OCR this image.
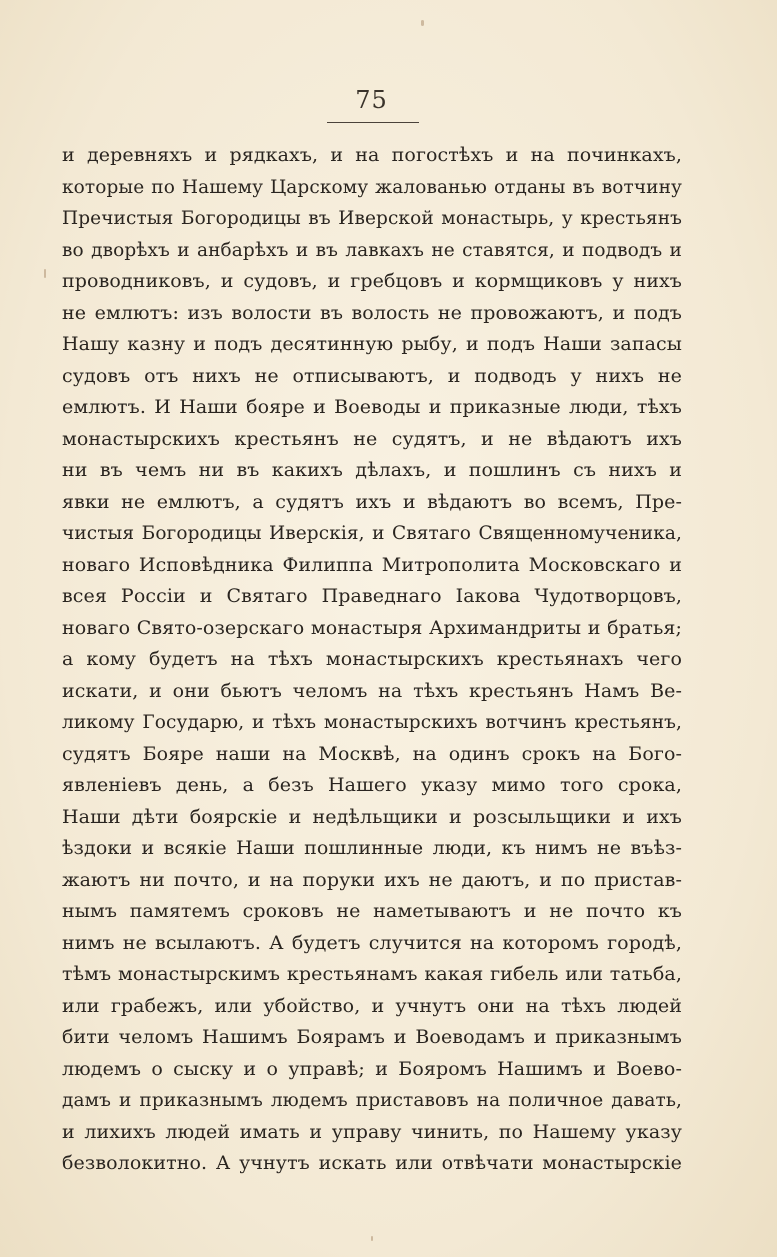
75
и деревняхъ и рядкахъ, и на погостѣхъ и на починкахъ,
которые по Нашему Царскому жалованью отданы въ вотчину
Пречистыя Богородицы въ Иверской монастырь, у крестьянъ
во дворѣхъ и анбарѣхъ и въ лавкахъ не ставятся, и подводъ и
проводниковъ, и судовъ, и гребцовъ и кормщиковъ у нихъ
не емлютъ: изъ волости въ волость не провожаютъ, и подъ
Нашу казну и подъ десятинную рыбу, и подъ Наши запасы
судовъ отъ нихъ не отписываютъ, и подводъ у нихъ не
емлютъ. И Наши бояре и Воеводы и приказные люди, тѣхъ
монастырскихъ крестьянъ не судятъ, и не вѣдаютъ ихъ
ни въ чемъ ни въ какихъ дѣлахъ, и пошлинъ съ нихъ и
явки не емлютъ, а судятъ ихъ и вѣдаютъ во всемъ, Пре-
чистыя Богородицы Иверскія, и Святаго Священномученика,
новаго Исповѣдника Филиппа Митрополита Московскаго и
всея Россіи и Святаго Праведнаго Іакова Чудотворцовъ,
новаго Свято-озерскаго монастыря Архимандриты и братья;
а кому будетъ на тѣхъ монастырскихъ крестьянахъ чего
искати, и они бьютъ челомъ на тѣхъ крестьянъ Намъ Ве-
ликому Государю, и тѣхъ монастырскихъ вотчинъ крестьянъ,
судятъ Бояре наши на Москвѣ, на одинъ срокъ на Бого-
явленіевъ день, а безъ Нашего указу мимо того срока,
Наши дѣти боярскіе и недѣльщики и розсыльщики и ихъ
ѣздоки и всякіе Наши пошлинные люди, къ нимъ не въѣз-
жаютъ ни почто, и на поруки ихъ не даютъ, и по пристав-
нымъ памятемъ сроковъ не наметываютъ и не почто къ
нимъ не всылаютъ. А будетъ случится на которомъ городѣ,
тѣмъ монастырскимъ крестьянамъ какая гибель или татьба,
или грабежъ, или убойство, и учнутъ они на тѣхъ людей
бити челомъ Нашимъ Боярамъ и Воеводамъ и приказнымъ
людемъ о сыску и о управѣ; и Бояромъ Нашимъ и Воево-
дамъ и приказнымъ людемъ приставовъ на поличное давать,
и лихихъ людей имать и управу чинить, по Нашему указу
безволокитно. А учнутъ искать или отвѣчати монастырскіе
